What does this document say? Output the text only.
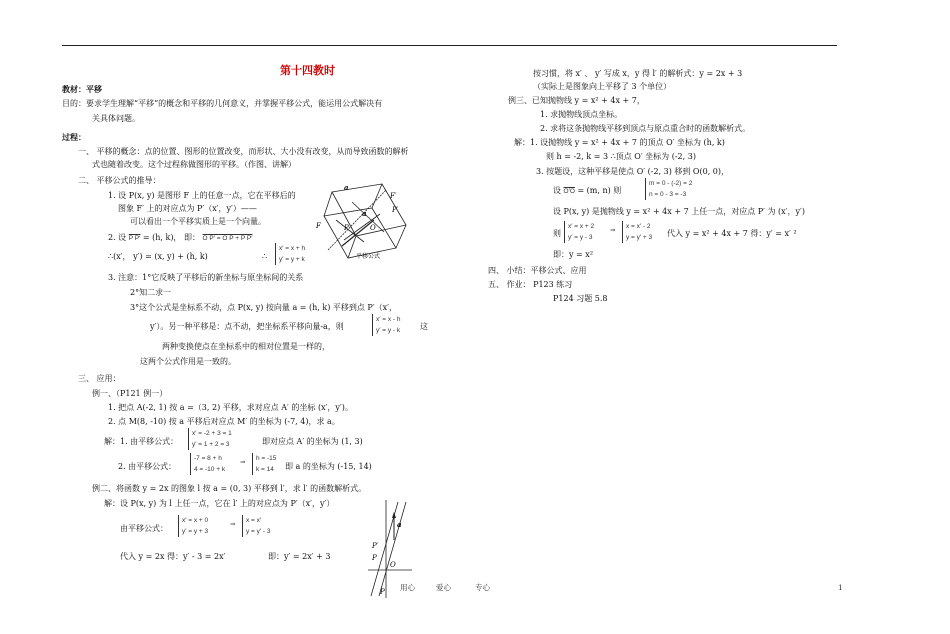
第十四教时
教材：平移
目的：要求学生理解“平移”的概念和平移的几何意义，并掌握平移公式，能运用公式解决有
关具体问题。
过程：
一、 平移的概念：点的位置、图形的位置改变，而形状、大小没有改变，从而导致函数的解析
式也随着改变。这个过程称做图形的平移。（作图、讲解）
二、 平移公式的推导：
1. 设 P(x, y) 是图形 F 上的任意一点，它在平移后的
图象 F′ 上的对应点为 P′（x′，y′）——
可以看出一个平移实质上是一个向量。
2. 设 P P′ = (h, k)， 即： O P′ = O P + P P′
∴(x′， y′) = (x, y) + (h, k)	∴
x′ = x + h
y′ = y + k
3. 注意：1°它反映了平移后的新坐标与原坐标间的关系
2°知二求一
3°这个公式是坐标系不动，点 P(x, y) 按向量 a = (h, k) 平移到点 P′（x′，
y′）。另一种平移是：点不动，把坐标系平移向量-a，则
x′ = x - h
y′ = y - k 这
两种变换使点在坐标系中的相对位置是一样的，
这两个公式作用是一致的。
三、 应用：
例一、（P121 例一）
1. 把点 A(-2, 1) 按 a =（3, 2) 平移，求对应点 A′ 的坐标 (x′，y′)。
2. 点 M(8, -10) 按 a 平移后对应点 M′ 的坐标为 (-7, 4)，求 a。
解：1. 由平移公式：
x′ = -2 + 3 = 1
y′ = 1 + 2 = 3	即对应点 A′ 的坐标为 (1, 3)
2. 由平移公式：
-7 = 8 + h
4 = -10 + k
⇒
h = -15
k = 14	即 a 的坐标为 (-15, 14)
例二、将函数 y = 2x 的图象 l 按 a = (0, 3) 平移到 l′，求 l′ 的函数解析式。
解：设 P(x, y) 为 l 上任一点，它在 l′ 上的对应点为 P′（x′，y′）
由平移公式：
x′ = x + 0
y′ = y + 3
⇒
x = x′
y = y′ - 3
代入 y = 2x 得：y′ - 3 = 2x′	即：y′ = 2x′ + 3
a
F′
P′
a
F	P	O
平移公式
a
P′
P
O
P
按习惯，将 x′ 、 y′ 写成 x，y 得 l′ 的解析式：y = 2x + 3
（实际上是图象向上平移了 3 个单位）
例三、已知抛物线 y = x² + 4x + 7，
1. 求抛物线顶点坐标。
2. 求将这条抛物线平移到顶点与原点重合时的函数解析式。
解：1. 设抛物线 y = x² + 4x + 7 的顶点 O′ 坐标为 (h, k)
则 h = -2, k = 3 ∴顶点 O′ 坐标为 (-2, 3)
3. 按题设，这种平移是使点 O′ (-2, 3) 移到 O(0, 0)，
设 O′O = (m, n) 则
m = 0 - (-2) = 2
n = 0 - 3 = -3
设 P(x, y) 是抛物线 y = x² + 4x + 7 上任一点，对应点 P′ 为 (x′，y′)
则
x′ = x + 2
y′ = y - 3
⇒
x = x′ - 2
y = y′ + 3 代入 y = x² + 4x + 7 得：y′ = x′ ²
即：y = x²
四、 小结：平移公式、应用
五、 作业： P123 练习
P124 习题 5.8
用心	爱心	专心	1
